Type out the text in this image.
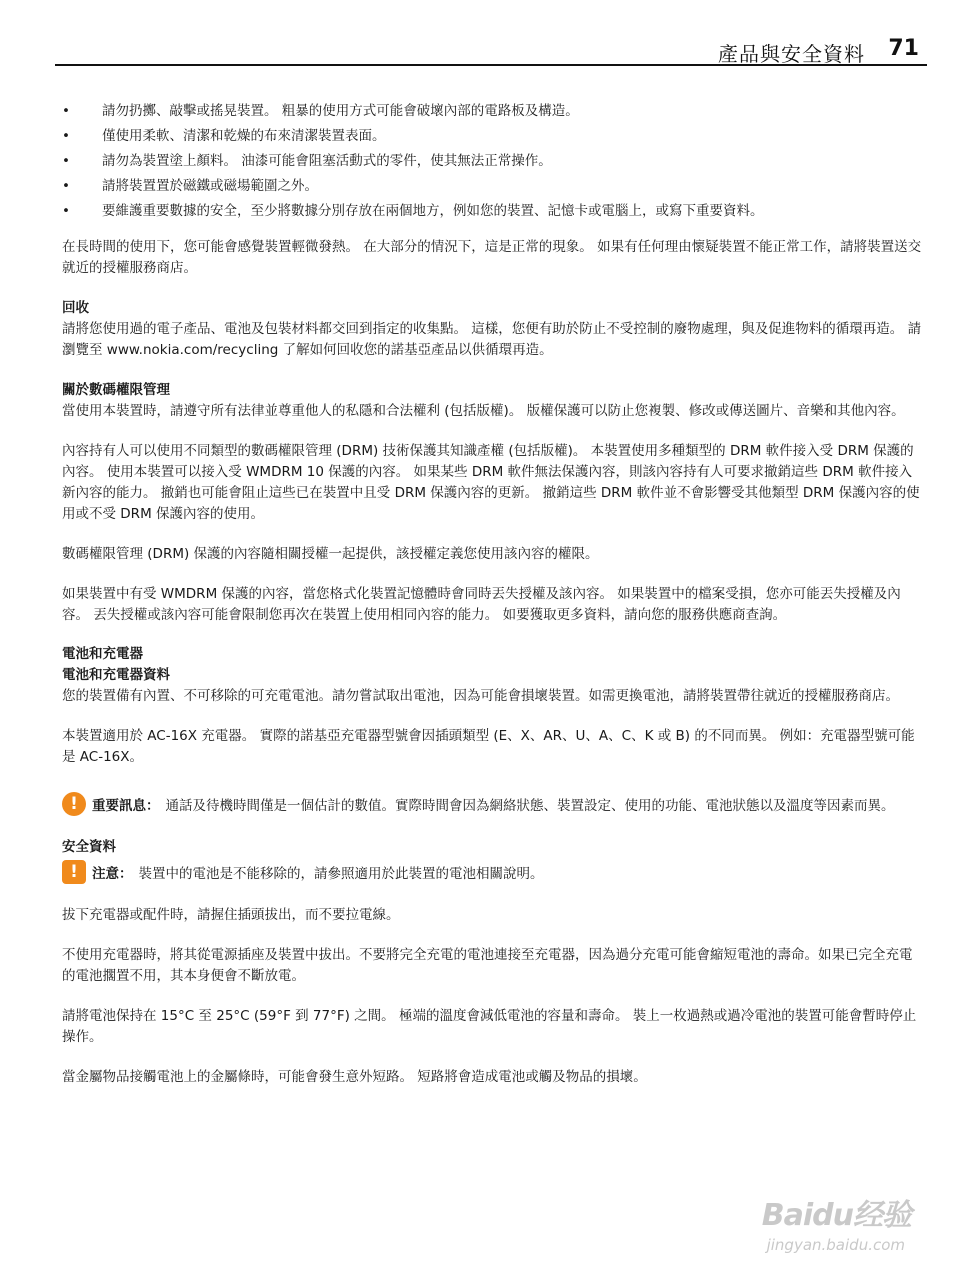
產品與安全資料 71
• 請勿扔擲、敲擊或搖晃裝置。 粗暴的使用方式可能會破壞內部的電路板及構造。
• 僅使用柔軟、清潔和乾燥的布來清潔裝置表面。
• 請勿為裝置塗上顏料。 油漆可能會阻塞活動式的零件，使其無法正常操作。
• 請將裝置置於磁鐵或磁場範圍之外。
• 要維護重要數據的安全，至少將數據分別存放在兩個地方，例如您的裝置、記憶卡或電腦上，或寫下重要資料。

在長時間的使用下，您可能會感覺裝置輕微發熱。 在大部分的情況下，這是正常的現象。 如果有任何理由懷疑裝置不能正常工作，請將裝置送交就近的授權服務商店。

回收

請將您使用過的電子產品、電池及包裝材料都交回到指定的收集點。 這樣，您便有助於防止不受控制的廢物處理，與及促進物料的循環再造。 請瀏覽至 www.nokia.com/recycling 了解如何回收您的諾基亞產品以供循環再造。

關於數碼權限管理

當使用本裝置時，請遵守所有法律並尊重他人的私隱和合法權利 (包括版權)。 版權保護可以防止您複製、修改或傳送圖片、音樂和其他內容。

內容持有人可以使用不同類型的數碼權限管理 (DRM) 技術保護其知識產權 (包括版權)。 本裝置使用多種類型的 DRM 軟件接入受 DRM 保護的內容。 使用本裝置可以接入受 WMDRM 10 保護的內容。 如果某些 DRM 軟件無法保護內容，則該內容持有人可要求撤銷這些 DRM 軟件接入新內容的能力。 撤銷也可能會阻止這些已在裝置中且受 DRM 保護內容的更新。 撤銷這些 DRM 軟件並不會影響受其他類型 DRM 保護內容的使用或不受 DRM 保護內容的使用。

數碼權限管理 (DRM) 保護的內容隨相關授權一起提供，該授權定義您使用該內容的權限。

如果裝置中有受 WMDRM 保護的內容，當您格式化裝置記憶體時會同時丟失授權及該內容。 如果裝置中的檔案受損，您亦可能丟失授權及內容。 丟失授權或該內容可能會限制您再次在裝置上使用相同內容的能力。 如要獲取更多資料，請向您的服務供應商查詢。

電池和充電器
電池和充電器資料

您的裝置備有內置、不可移除的可充電電池。請勿嘗試取出電池，因為可能會損壞裝置。如需更換電池，請將裝置帶往就近的授權服務商店。

本裝置適用於 AC-16X 充電器。 實際的諾基亞充電器型號會因插頭類型 (E、X、AR、U、A、C、K 或 B) 的不同而異。 例如：充電器型號可能是 AC-16X。

! 重要訊息： 通話及待機時間僅是一個估計的數值。實際時間會因為網絡狀態、裝置設定、使用的功能、電池狀態以及溫度等因素而異。
安全資料
! 注意： 裝置中的電池是不能移除的，請參照適用於此裝置的電池相關說明。

拔下充電器或配件時，請握住插頭拔出，而不要拉電線。

不使用充電器時，將其從電源插座及裝置中拔出。不要將完全充電的電池連接至充電器，因為過分充電可能會縮短電池的壽命。如果已完全充電的電池擱置不用，其本身便會不斷放電。

請將電池保持在 15°C 至 25°C (59°F 到 77°F) 之間。 極端的溫度會減低電池的容量和壽命。 裝上一枚過熱或過冷電池的裝置可能會暫時停止操作。

當金屬物品接觸電池上的金屬條時，可能會發生意外短路。 短路將會造成電池或觸及物品的損壞。

Baidu经验
jingyan.baidu.com
